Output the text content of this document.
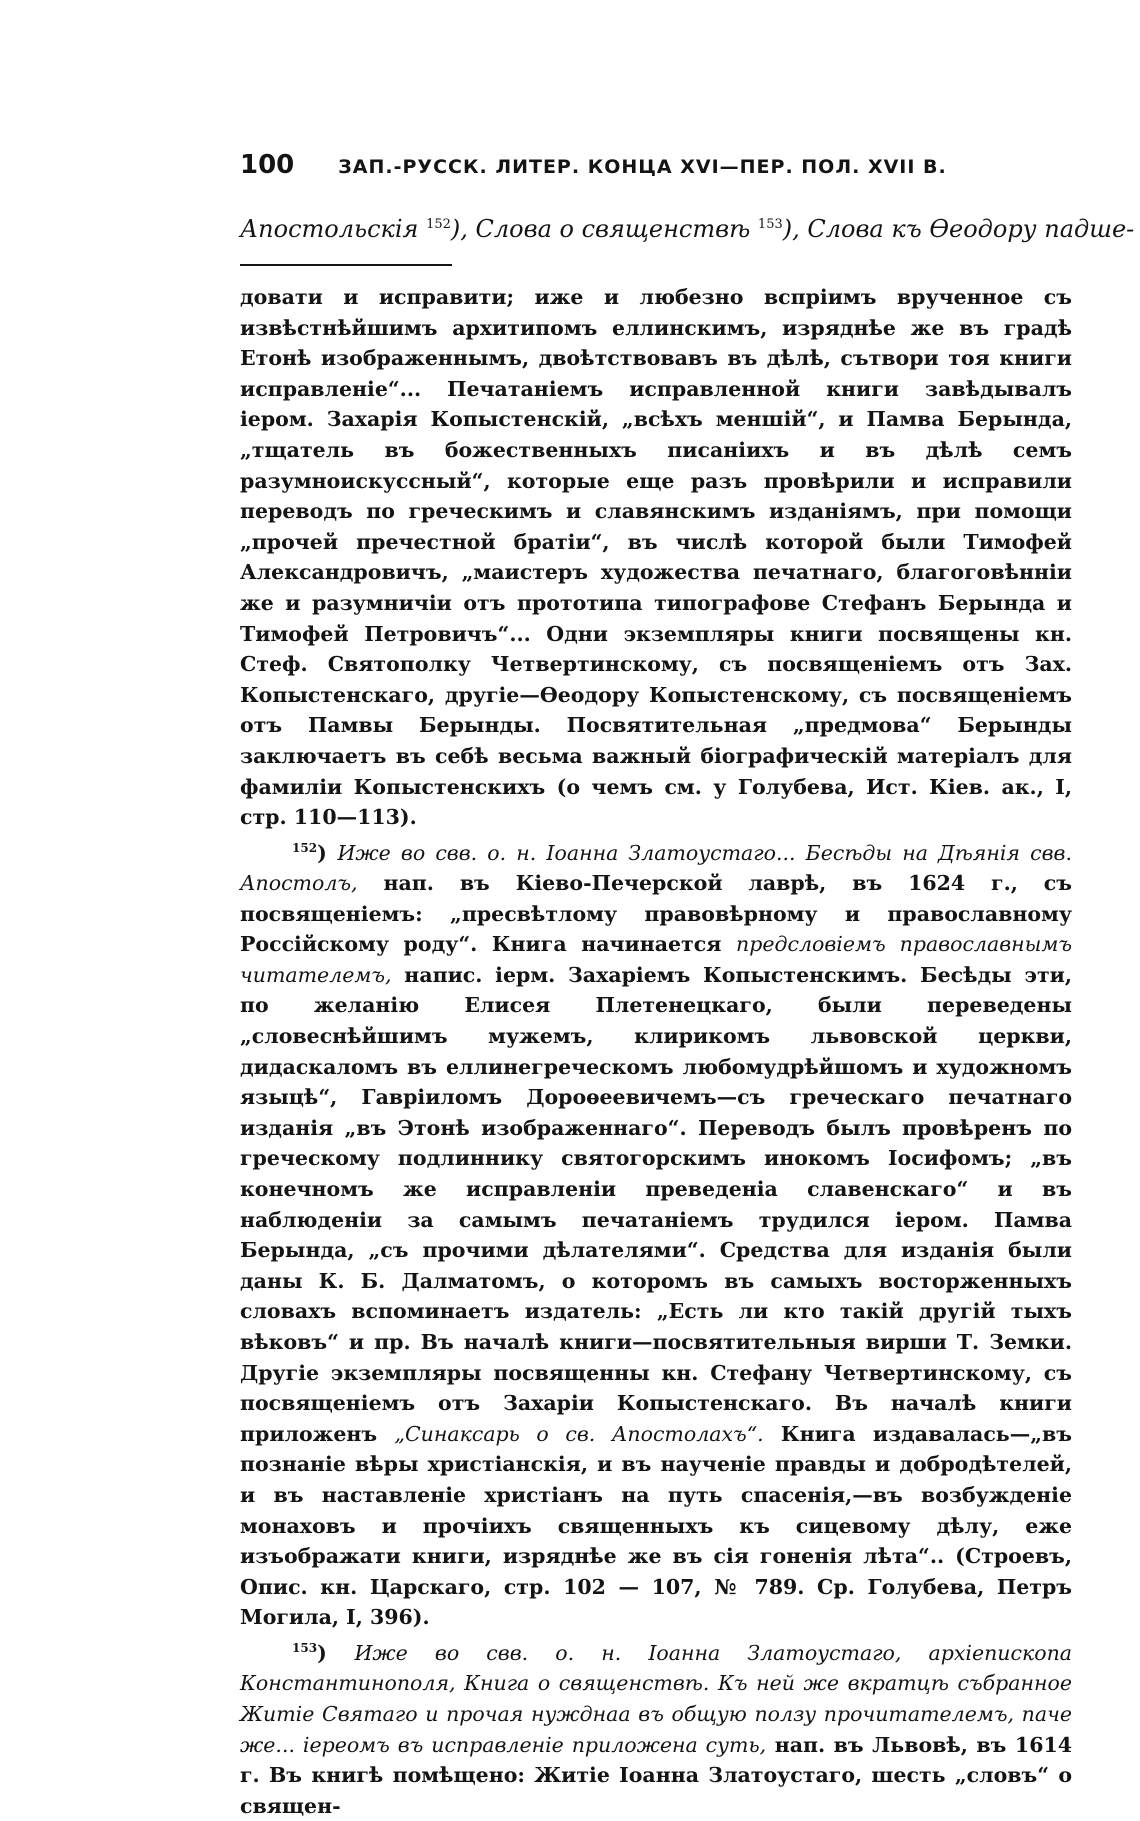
100 ЗАП.-РУССК. ЛИТЕР. КОНЦА XVI—ПЕР. ПОЛ. XVII В.
Апостольскія $^{152}$), Слова о священствѣ $^{153}$), Слова къ Ѳеодору падше-

довати и исправити; иже и любезно вспріимъ врученное съ извѣстнѣйшимъ архитипомъ еллинскимъ, изряднѣе же въ градѣ Етонѣ изображеннымъ, двоѣтствовавъ въ дѣлѣ, сътвори тоя книги исправленіе“... Печатаніемъ исправленной книги завѣдывалъ іером. Захарія Копыстенскій, „всѣхъ меншій“, и Памва Берында, „тщатель въ божественныхъ писаніихъ и въ дѣлѣ семъ разумноискуссный“, которые еще разъ провѣрили и исправили переводъ по греческимъ и славянскимъ изданіямъ, при помощи „прочей пречестной братіи“, въ числѣ которой были Тимофей Александровичъ, „маистеръ художества печатнаго, благоговѣнніи же и разумничіи отъ прототипа типографове Стефанъ Берында и Тимофей Петровичъ“... Одни экземпляры книги посвящены кн. Стеф. Святополку Четвертинскому, съ посвященіемъ отъ Зах. Копыстенскаго, другіе—Ѳеодору Копыстенскому, съ посвященіемъ отъ Памвы Берынды. Посвятительная „предмова“ Берынды заключаетъ въ себѣ весьма важный біографическій матеріалъ для фамиліи Копыстенскихъ (о чемъ см. у Голубева, Ист. Кіев. ак., I, стр. 110—113).

$^{152}$) Иже во свв. о. н. Іоанна Златоустаго... Бесѣды на Дѣянія свв. Апостолъ, нап. въ Кіево-Печерской лаврѣ, въ 1624 г., съ посвященіемъ: „пресвѣтлому правовѣрному и православному Россійскому роду“. Книга начинается предсловіемъ православнымъ читателемъ, напис. іерм. Захаріемъ Копыстенскимъ. Бесѣды эти, по желанію Елисея Плетенецкаго, были переведены „словеснѣйшимъ мужемъ, клирикомъ львовской церкви, дидаскаломъ въ еллинегреческомъ любомудрѣйшомъ и художномъ языцѣ“, Гавріиломъ Дороѳеевичемъ—съ греческаго печатнаго изданія „въ Этонѣ изображеннаго“. Переводъ былъ провѣренъ по греческому подлиннику святогорскимъ инокомъ Іосифомъ; „въ конечномъ же исправленіи преведеніа славенскаго“ и въ наблюденіи за самымъ печатаніемъ трудился іером. Памва Берында, „съ прочими дѣлателями“. Средства для изданія были даны К. Б. Далматомъ, о которомъ въ самыхъ восторженныхъ словахъ вспоминаетъ издатель: „Есть ли кто такій другій тыхъ вѣковъ“ и пр. Въ началѣ книги—посвятительныя вирши Т. Земки. Другіе экземпляры посвященны кн. Стефану Четвертинскому, съ посвященіемъ отъ Захаріи Копыстенскаго. Въ началѣ книги приложенъ „Синаксарь о св. Апостолахъ“. Книга издавалась—„въ познаніе вѣры христіанскія, и въ наученіе правды и добродѣтелей, и въ наставленіе христіанъ на путь спасенія,—въ возбужденіе монаховъ и прочіихъ священныхъ къ сицевому дѣлу, еже изъображати книги, изряднѣе же въ сія гоненія лѣта“.. (Строевъ, Опис. кн. Царскаго, стр. 102 — 107, № 789. Ср. Голубева, Петръ Могила, I, 396).

$^{153}$) Иже во свв. о. н. Іоанна Златоустаго, архіепископа Константинополя, Книга о священствѣ. Къ ней же вкратцѣ събранное Житіе Святаго и прочая нужднаа въ общую ползу прочитателемъ, паче же... іереомъ въ исправленіе приложена суть, нап. въ Львовѣ, въ 1614 г. Въ книгѣ помѣщено: Житіе Іоанна Златоустаго, шесть „словъ“ о священ-
